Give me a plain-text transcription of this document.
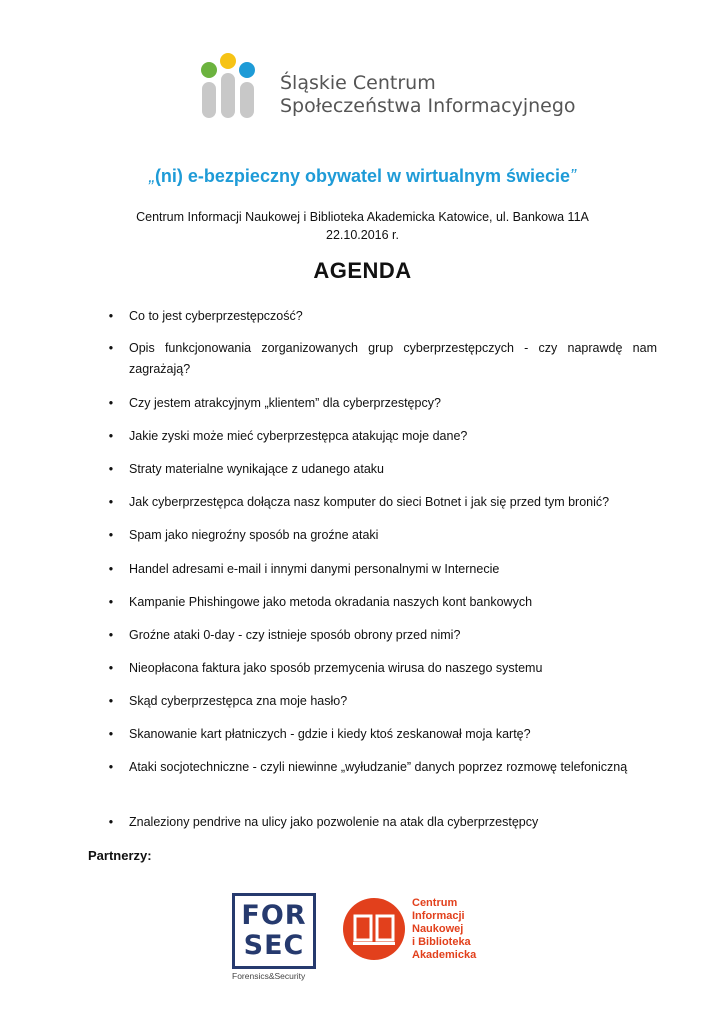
Śląskie Centrum
Społeczeństwa Informacyjnego
„(ni) e-bezpieczny obywatel w wirtualnym świecie”
Centrum Informacji Naukowej i Biblioteka Akademicka Katowice, ul. Bankowa 11A
22.10.2016 r.
AGENDA
• Co to jest cyberprzestępczość?
• Opis funkcjonowania zorganizowanych grup cyberprzestępczych - czy naprawdę nam zagrażają?
• Czy jestem atrakcyjnym „klientem” dla cyberprzestępcy?
• Jakie zyski może mieć cyberprzestępca atakując moje dane?
• Straty materialne wynikające z udanego ataku
• Jak cyberprzestępca dołącza nasz komputer do sieci Botnet i jak się przed tym bronić?
• Spam jako niegroźny sposób na groźne ataki
• Handel adresami e-mail i innymi danymi personalnymi w Internecie
• Kampanie Phishingowe jako metoda okradania naszych kont bankowych
• Groźne ataki 0-day - czy istnieje sposób obrony przed nimi?
• Nieopłacona faktura jako sposób przemycenia wirusa do naszego systemu
• Skąd cyberprzestępca zna moje hasło?
• Skanowanie kart płatniczych - gdzie i kiedy ktoś zeskanował moja kartę?
• Ataki socjotechniczne - czyli niewinne „wyłudzanie” danych poprzez rozmowę telefoniczną
• Znaleziony pendrive na ulicy jako pozwolenie na atak dla cyberprzestępcy
Partnerzy:
FOR
SEC
Forensics&Security
Centrum
Informacji
Naukowej
i Biblioteka
Akademicka
